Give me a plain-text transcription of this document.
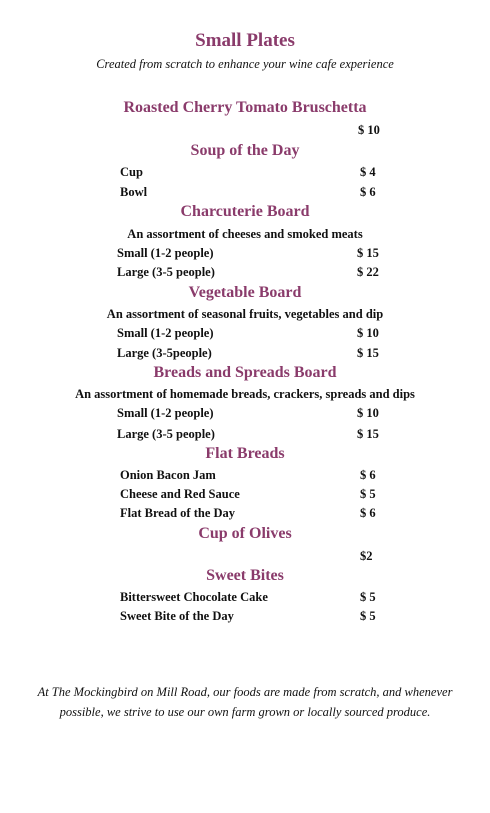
Small Plates
Created from scratch to enhance your wine cafe experience
Roasted Cherry Tomato Bruschetta
$ 10
Soup of the Day
Cup	$ 4
Bowl	$ 6
Charcuterie Board
An assortment of cheeses and smoked meats
Small (1-2 people)	$ 15
Large (3-5 people)	$ 22
Vegetable Board
An assortment of seasonal fruits, vegetables and dip
Small (1-2 people)	$ 10
Large (3-5people)	$ 15
Breads and Spreads Board
An assortment of homemade breads, crackers, spreads and dips
Small (1-2 people)	$ 10
Large (3-5 people)	$ 15
Flat Breads
Onion Bacon Jam	$ 6
Cheese and Red Sauce	$ 5
Flat Bread of the Day	$ 6
Cup of Olives
$2
Sweet Bites
Bittersweet Chocolate Cake	$ 5
Sweet Bite of the Day	$ 5
At The Mockingbird on Mill Road, our foods are made from scratch, and whenever possible, we strive to use our own farm grown or locally sourced produce.
